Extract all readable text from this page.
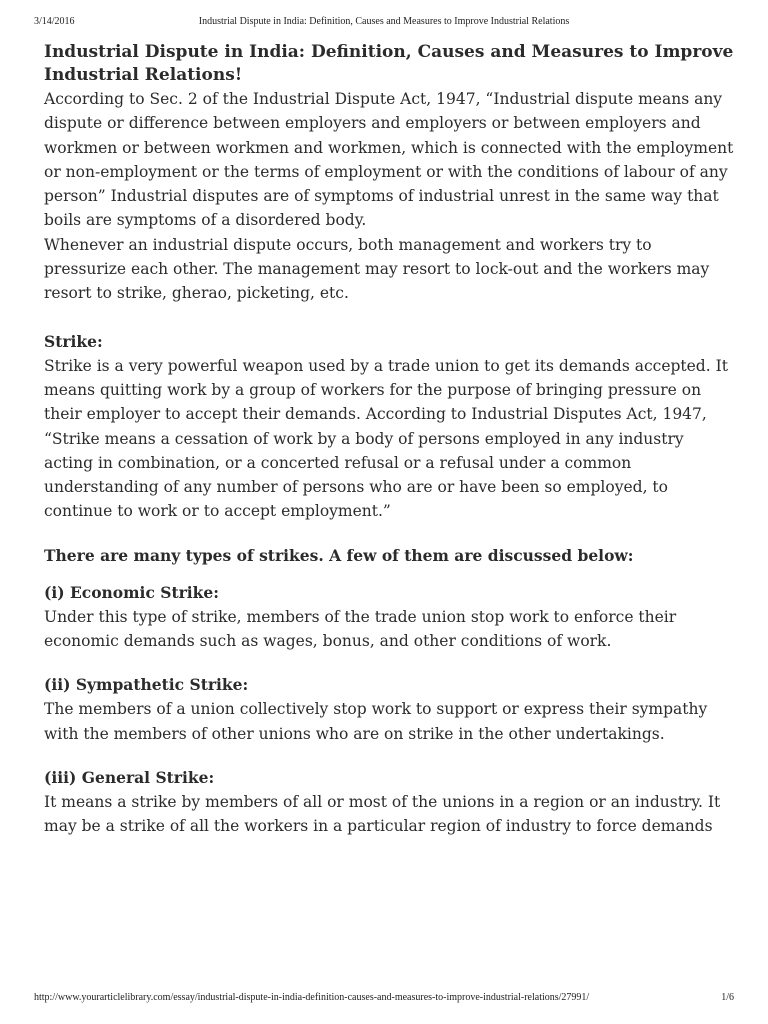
3/14/2016	Industrial Dispute in India: Definition, Causes and Measures to Improve Industrial Relations
Industrial Dispute in India: Definition, Causes and Measures to Improve Industrial Relations!

According to Sec. 2 of the Industrial Dispute Act, 1947, “Industrial dispute means any dispute or difference between employers and employers or between employers and workmen or between workmen and workmen, which is connected with the employment or non-employment or the terms of employment or with the conditions of labour of any person” Industrial disputes are of symptoms of industrial unrest in the same way that boils are symptoms of a disordered body.

Whenever an industrial dispute occurs, both management and workers try to pressurize each other. The management may resort to lock-out and the workers may resort to strike, gherao, picketing, etc.

Strike:

Strike is a very powerful weapon used by a trade union to get its demands accepted. It means quitting work by a group of workers for the purpose of bringing pressure on their employer to accept their demands. According to Industrial Disputes Act, 1947, “Strike means a cessation of work by a body of persons employed in any industry acting in combination, or a concerted refusal or a refusal under a common understanding of any number of persons who are or have been so employed, to continue to work or to accept employment.”

There are many types of strikes. A few of them are discussed below:

(i) Economic Strike:

Under this type of strike, members of the trade union stop work to enforce their economic demands such as wages, bonus, and other conditions of work.

(ii) Sympathetic Strike:

The members of a union collectively stop work to support or express their sympathy with the members of other unions who are on strike in the other undertakings.

(iii) General Strike:

It means a strike by members of all or most of the unions in a region or an industry. It may be a strike of all the workers in a particular region of industry to force demands

http://www.yourarticlelibrary.com/essay/industrial-dispute-in-india-definition-causes-and-measures-to-improve-industrial-relations/27991/	1/6
